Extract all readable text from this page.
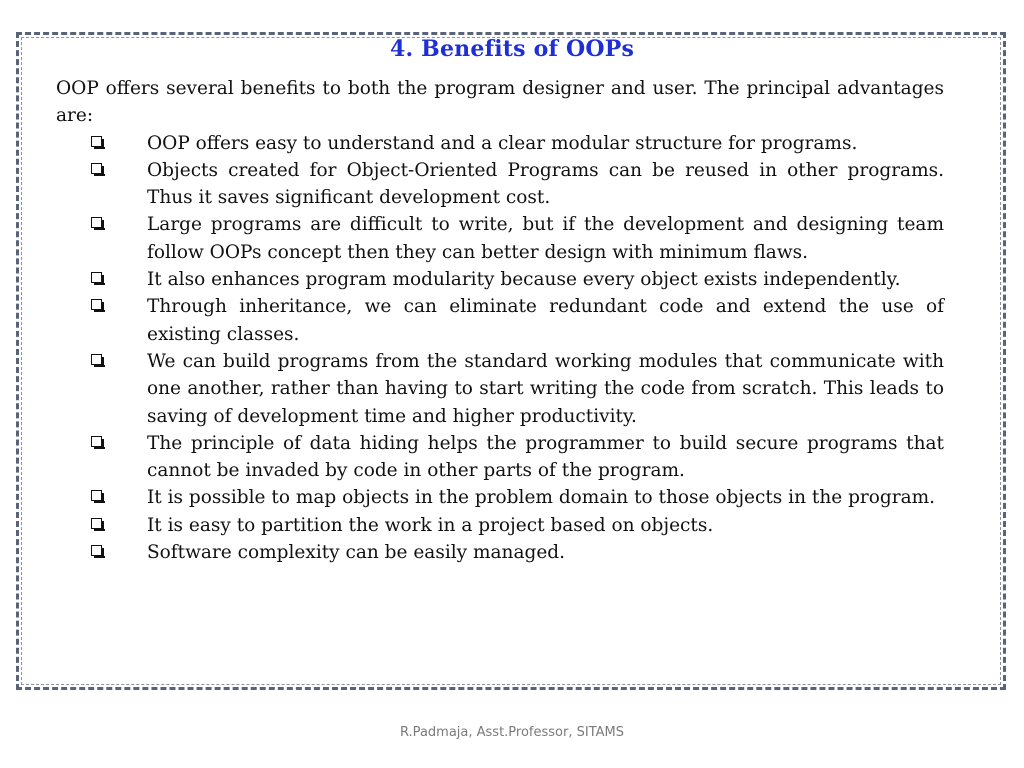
4. Benefits of OOPs

OOP offers several benefits to both the program designer and user. The principal advantages are:

OOP offers easy to understand and a clear modular structure for programs.
Objects created for Object-Oriented Programs can be reused in other programs. Thus it saves significant development cost.
Large programs are difficult to write, but if the development and designing team follow OOPs concept then they can better design with minimum flaws.
It also enhances program modularity because every object exists independently.
Through inheritance, we can eliminate redundant code and extend the use of existing classes.
We can build programs from the standard working modules that communicate with one another, rather than having to start writing the code from scratch. This leads to saving of development time and higher productivity.
The principle of data hiding helps the programmer to build secure programs that cannot be invaded by code in other parts of the program.
It is possible to map objects in the problem domain to those objects in the program.
It is easy to partition the work in a project based on objects.
Software complexity can be easily managed.
R.Padmaja, Asst.Professor, SITAMS
